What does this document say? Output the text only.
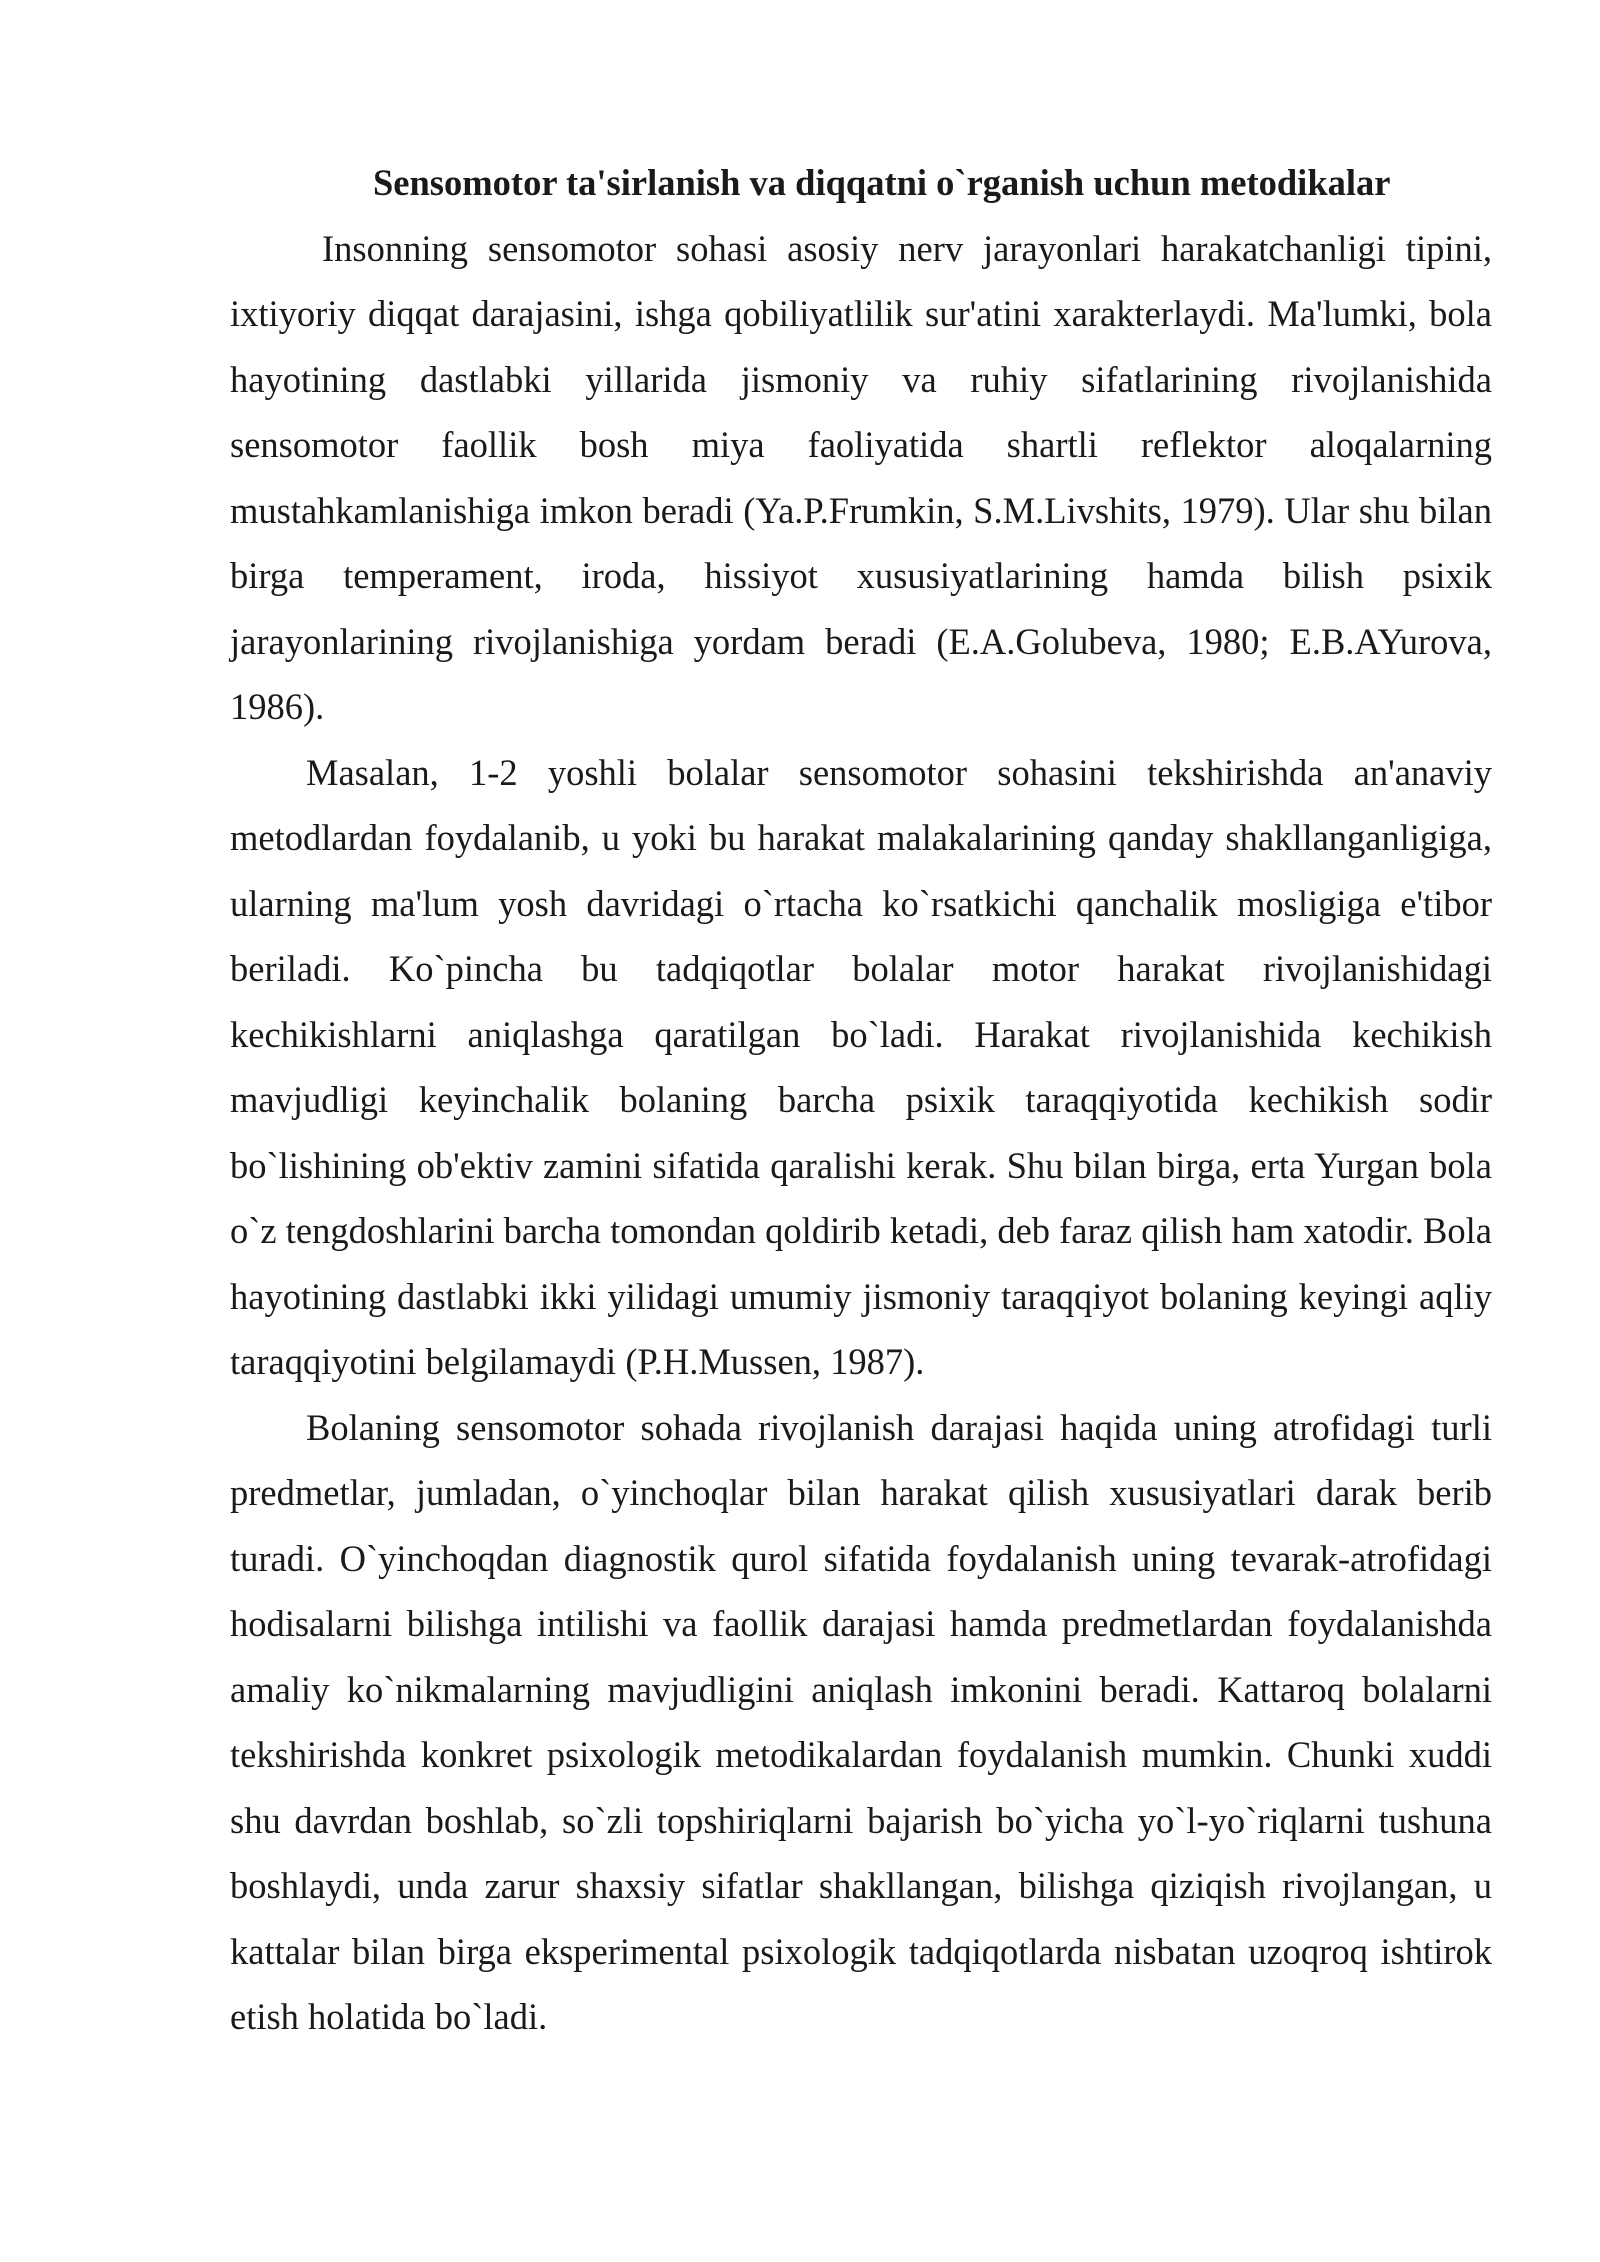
Sensomotor ta'sirlanish va diqqatni o`rganish uchun metodikalar

Insonning sensomotor sohasi asosiy nerv jarayonlari harakatchanligi tipini, ixtiyoriy diqqat darajasini, ishga qobiliyatlilik sur'atini xarakterlaydi. Ma'lumki, bola hayotining dastlabki yillarida jismoniy va ruhiy sifatlarining rivojlanishida sensomotor faollik bosh miya faoliyatida shartli reflektor aloqalarning mustahkamlanishiga imkon beradi (Ya.P.Frumkin, S.M.Livshits, 1979). Ular shu bilan birga temperament, iroda, hissiyot xususiyatlarining hamda bilish psixik jarayonlarining rivojlanishiga yordam beradi (E.A.Golubeva, 1980; E.B.AYurova, 1986).

Masalan, 1-2 yoshli bolalar sensomotor sohasini tekshirishda an'anaviy metodlardan foydalanib, u yoki bu harakat malakalarining qanday shakllanganligiga, ularning ma'lum yosh davridagi o`rtacha ko`rsatkichi qanchalik mosligiga e'tibor beriladi. Ko`pincha bu tadqiqotlar bolalar motor harakat rivojlanishidagi kechikishlarni aniqlashga qaratilgan bo`ladi. Harakat rivojlanishida kechikish mavjudligi keyinchalik bolaning barcha psixik taraqqiyotida kechikish sodir bo`lishining ob'ektiv zamini sifatida qaralishi kerak. Shu bilan birga, erta Yurgan bola o`z tengdoshlarini barcha tomondan qoldirib ketadi, deb faraz qilish ham xatodir. Bola hayotining dastlabki ikki yilidagi umumiy jismoniy taraqqiyot bolaning keyingi aqliy taraqqiyotini belgilamaydi (P.H.Mussen, 1987).

Bolaning sensomotor sohada rivojlanish darajasi haqida uning atrofidagi turli predmetlar, jumladan, o`yinchoqlar bilan harakat qilish xususiyatlari darak berib turadi. O`yinchoqdan diagnostik qurol sifatida foydalanish uning tevarak-atrofidagi hodisalarni bilishga intilishi va faollik darajasi hamda predmetlardan foydalanishda amaliy ko`nikmalarning mavjudligini aniqlash imkonini beradi. Kattaroq bolalarni tekshirishda konkret psixologik metodikalardan foydalanish mumkin. Chunki xuddi shu davrdan boshlab, so`zli topshiriqlarni bajarish bo`yicha yo`l-yo`riqlarni tushuna boshlaydi, unda zarur shaxsiy sifatlar shakllangan, bilishga qiziqish rivojlangan, u kattalar bilan birga eksperimental psixologik tadqiqotlarda nisbatan uzoqroq ishtirok etish holatida bo`ladi.
